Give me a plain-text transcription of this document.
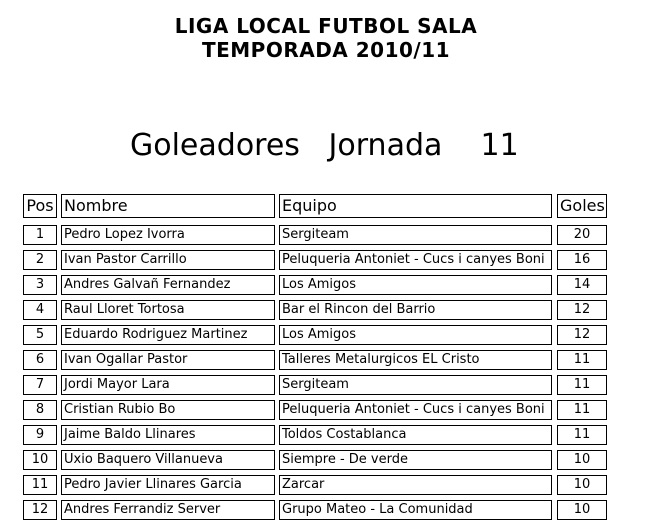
LIGA LOCAL FUTBOL SALA
TEMPORADA 2010/11
Goleadores Jornada 11
Pos Nombre	Equipo	Goles
1	Pedro Lopez Ivorra	Sergiteam	20
2	Ivan Pastor Carrillo	Peluqueria Antoniet - Cucs i canyes Boni	16
3	Andres Galvañ Fernandez	Los Amigos	14
4	Raul Lloret Tortosa	Bar el Rincon del Barrio	12
5	Eduardo Rodriguez Martinez	Los Amigos	12
6	Ivan Ogallar Pastor	Talleres Metalurgicos EL Cristo	11
7	Jordi Mayor Lara	Sergiteam	11
8	Cristian Rubio Bo	Peluqueria Antoniet - Cucs i canyes Boni	11
9	Jaime Baldo Llinares	Toldos Costablanca	11
10	Uxio Baquero Villanueva	Siempre - De verde	10
11	Pedro Javier Llinares Garcia	Zarcar	10
12	Andres Ferrandiz Server	Grupo Mateo - La Comunidad	10
